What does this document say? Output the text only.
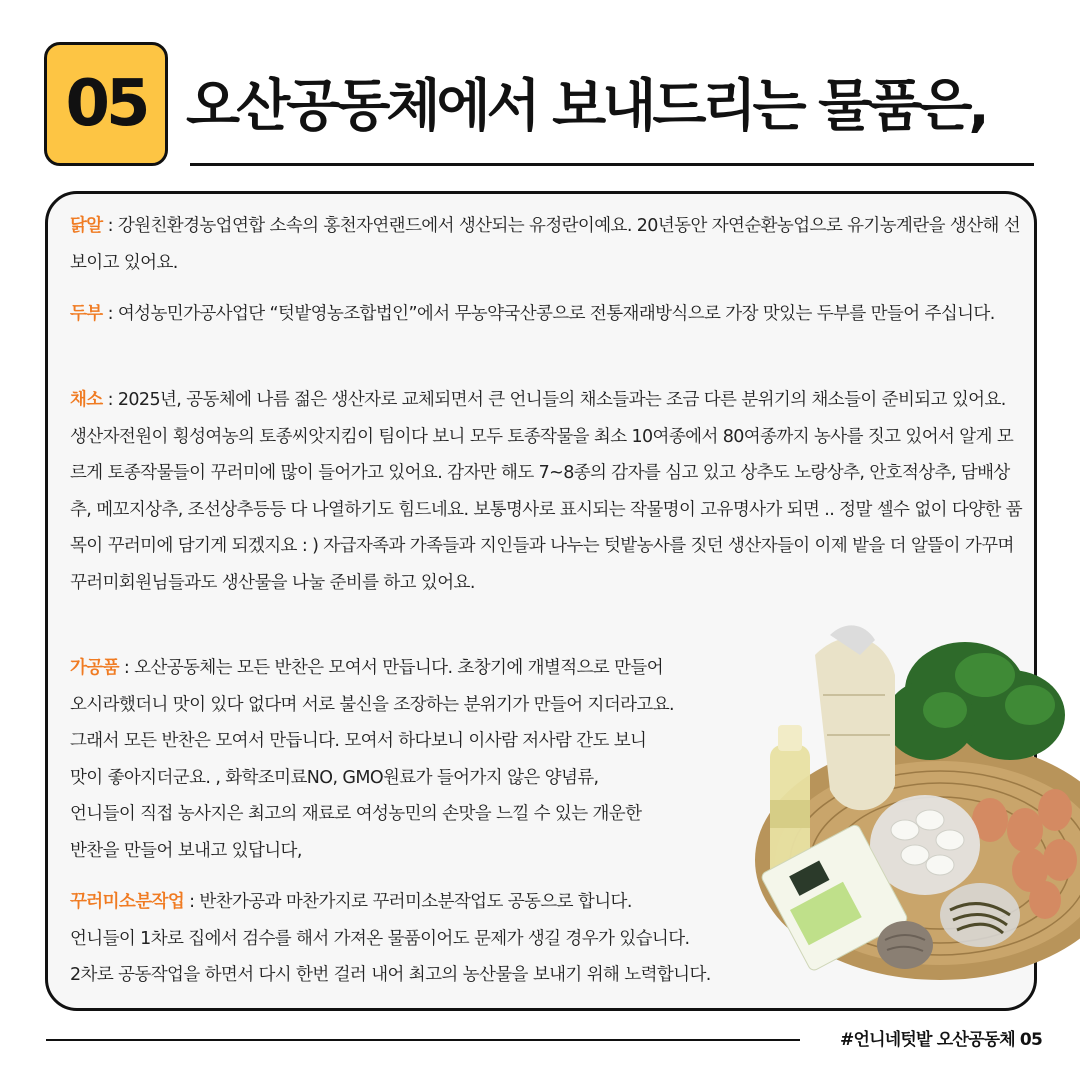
05 오산공동체에서 보내드리는 물품은,
닭알 : 강원친환경농업연합 소속의 홍천자연랜드에서 생산되는 유정란이예요. 20년동안 자연순환농업으로 유기농계란을 생산해 선보이고 있어요.
두부 : 여성농민가공사업단 “텃밭영농조합법인”에서 무농약국산콩으로 전통재래방식으로 가장 맛있는 두부를 만들어 주십니다.
채소 : 2025년, 공동체에 나름 젊은 생산자로 교체되면서 큰 언니들의 채소들과는 조금 다른 분위기의 채소들이 준비되고 있어요. 생산자전원이 횡성여농의 토종씨앗지킴이 팀이다 보니 모두 토종작물을 최소 10여종에서 80여종까지 농사를 짓고 있어서 알게 모르게 토종작물들이 꾸러미에 많이 들어가고 있어요. 감자만 해도 7~8종의 감자를 심고 있고 상추도 노랑상추, 안호적상추, 담배상추, 메꼬지상추, 조선상추등등 다 나열하기도 힘드네요. 보통명사로 표시되는 작물명이 고유명사가 되면 .. 정말 셀수 없이 다양한 품목이 꾸러미에 담기게 되겠지요 : ) 자급자족과 가족들과 지인들과 나누는 텃밭농사를 짓던 생산자들이 이제 밭을 더 알뜰이 가꾸며 꾸러미회원님들과도 생산물을 나눌 준비를 하고 있어요.
가공품 : 오산공동체는 모든 반찬은 모여서 만듭니다. 초창기에 개별적으로 만들어
오시라했더니 맛이 있다 없다며 서로 불신을 조장하는 분위기가 만들어 지더라고요.
그래서 모든 반찬은 모여서 만듭니다. 모여서 하다보니 이사람 저사람 간도 보니
맛이 좋아지더군요. , 화학조미료NO, GMO원료가 들어가지 않은 양념류,
언니들이 직접 농사지은 최고의 재료로 여성농민의 손맛을 느낄 수 있는 개운한
반찬을 만들어 보내고 있답니다,
꾸러미소분작업 : 반찬가공과 마찬가지로 꾸러미소분작업도 공동으로 합니다.
언니들이 1차로 집에서 검수를 해서 가져온 물품이어도 문제가 생길 경우가 있습니다.
2차로 공동작업을 하면서 다시 한번 걸러 내어 최고의 농산물을 보내기 위해 노력합니다.
#언니네텃밭 오산공동체 05
